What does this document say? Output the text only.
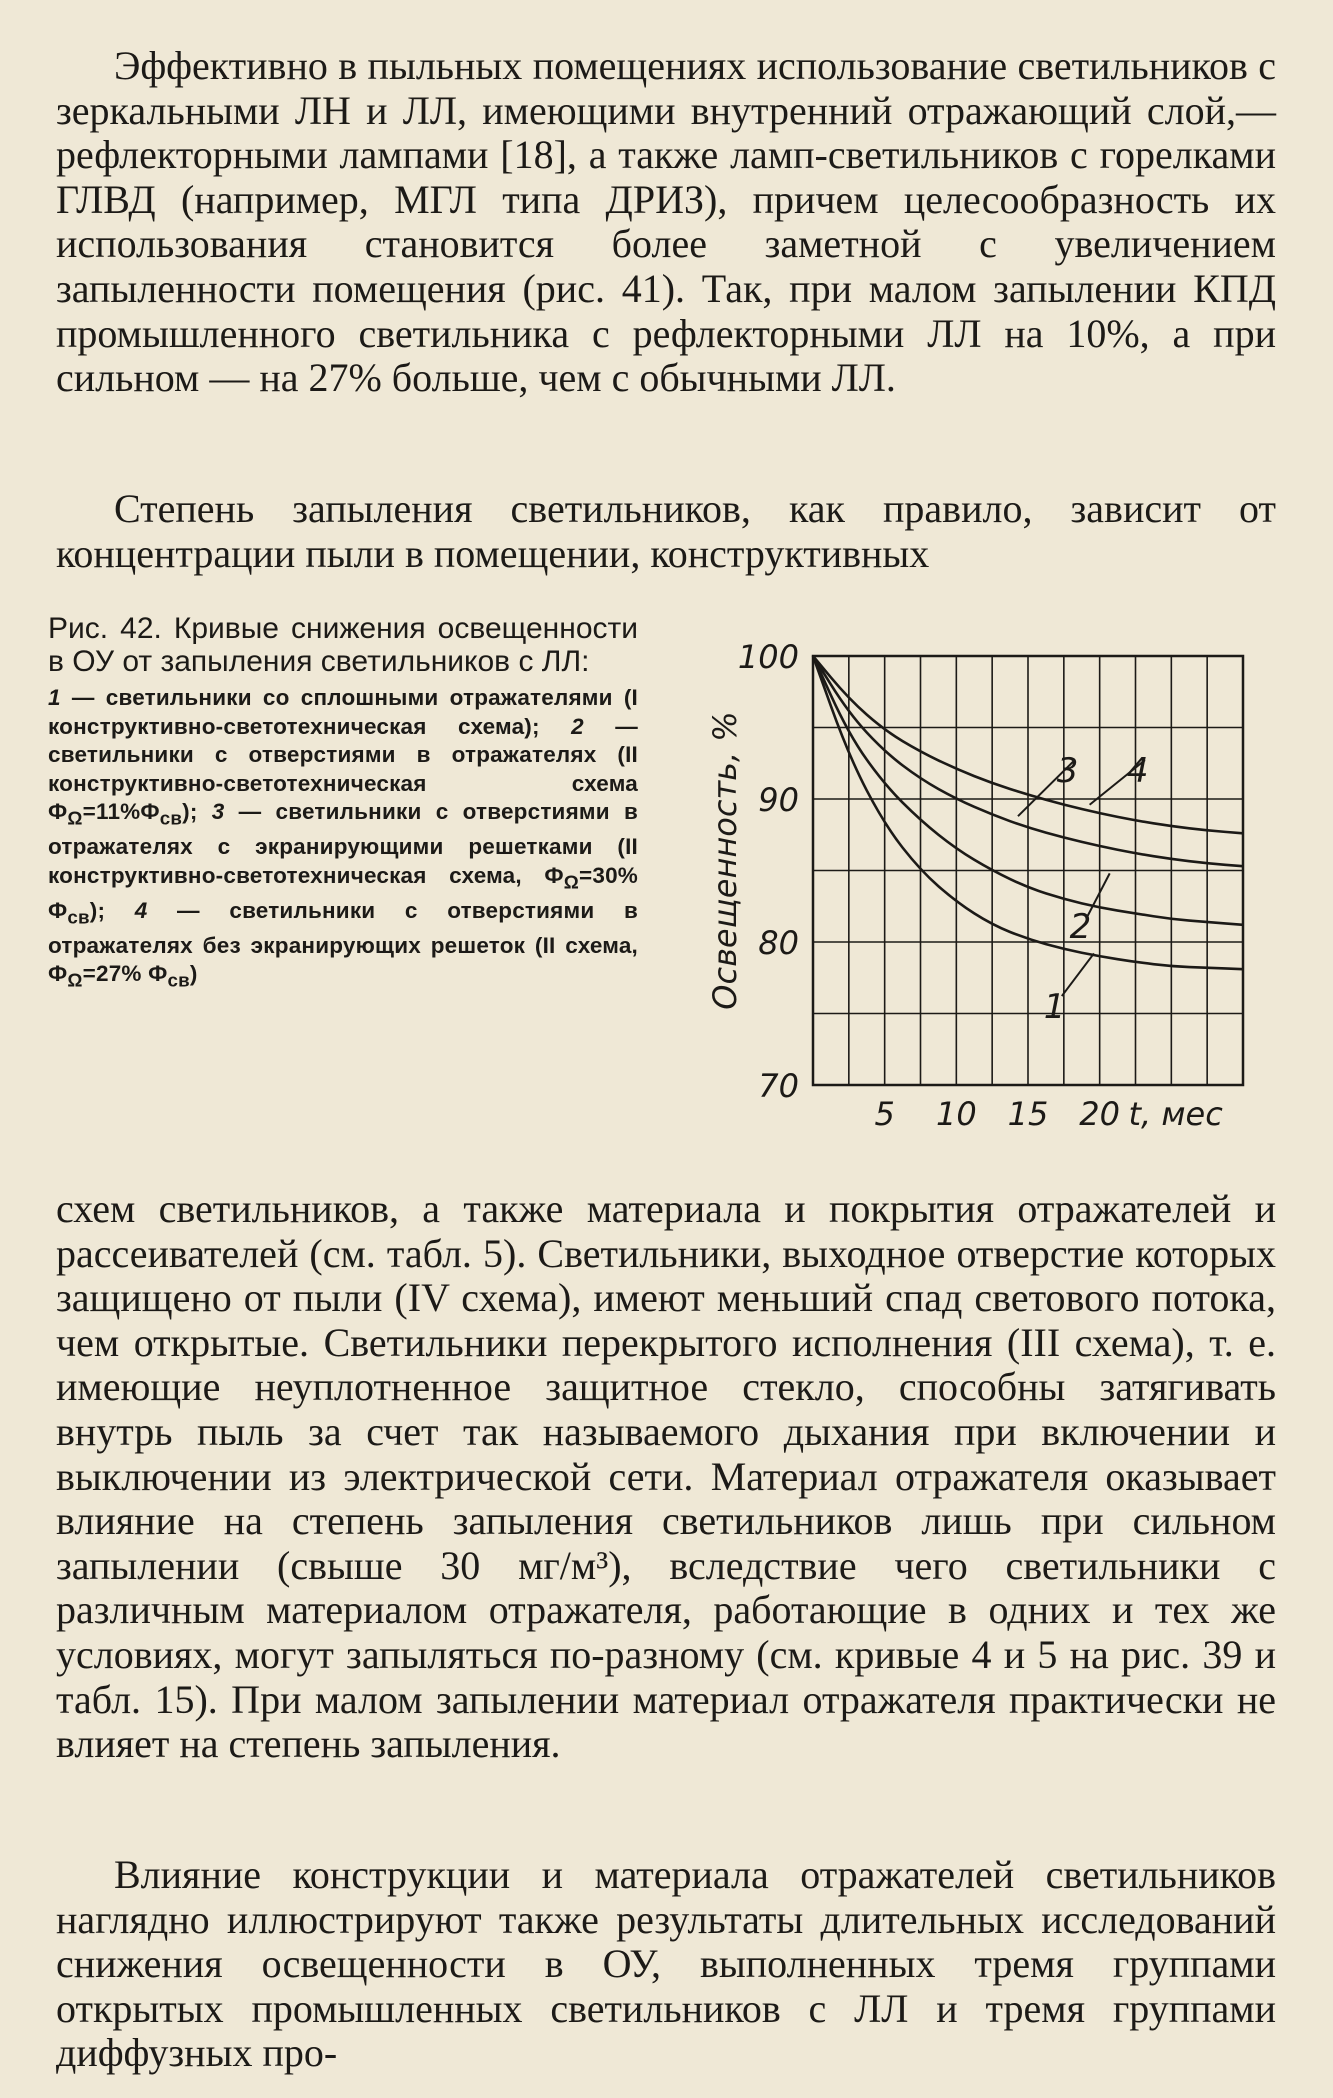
Эффективно в пыльных помещениях использование светильников с зеркальными ЛН и ЛЛ, имеющими внутренний отражающий слой,—рефлекторными лампами [18], а также ламп-светильников с горелками ГЛВД (например, МГЛ типа ДРИЗ), причем целесообразность их использования становится более заметной с увеличением запыленности помещения (рис. 41). Так, при малом запылении КПД промышленного светильника с рефлекторными ЛЛ на 10%, а при сильном — на 27% больше, чем с обычными ЛЛ.

Степень запыления светильников, как правило, зависит от концентрации пыли в помещении, конструктивных

Рис. 42. Кривые снижения освещенности в ОУ от запыления светильников с ЛЛ:

1 — светильники со сплошными отражателями (I конструктивно-светотехническая схема); 2 — светильники с отверстиями в отражателях (II конструктивно-светотехническая схема $Ф_\Omega=11\%Ф_{св}$); 3 — светильники с отверстиями в отражателях с экранирующими решетками (II конструктивно-светотехническая схема, $Ф_\Omega=30\%$ $Ф_{св}$); 4 — светильники с отверстиями в отражателях без экранирующих решеток (II схема, $Ф_\Omega=27\%$ $Ф_{св}$)

1
2
3 4
100
90
80
70
5 10 15 20 t, мес
Освещенность, %

схем светильников, а также материала и покрытия отражателей и рассеивателей (см. табл. 5). Светильники, выходное отверстие которых защищено от пыли (IV схема), имеют меньший спад светового потока, чем открытые. Светильники перекрытого исполнения (III схема), т. е. имеющие неуплотненное защитное стекло, способны затягивать внутрь пыль за счет так называемого дыхания при включении и выключении из электрической сети. Материал отражателя оказывает влияние на степень запыления светильников лишь при сильном запылении (свыше 30 мг/м³), вследствие чего светильники с различным материалом отражателя, работающие в одних и тех же условиях, могут запыляться по-разному (см. кривые 4 и 5 на рис. 39 и табл. 15). При малом запылении материал отражателя практически не влияет на степень запыления.

Влияние конструкции и материала отражателей светильников наглядно иллюстрируют также результаты длительных исследований снижения освещенности в ОУ, выполненных тремя группами открытых промышленных светильников с ЛЛ и тремя группами диффузных про-
